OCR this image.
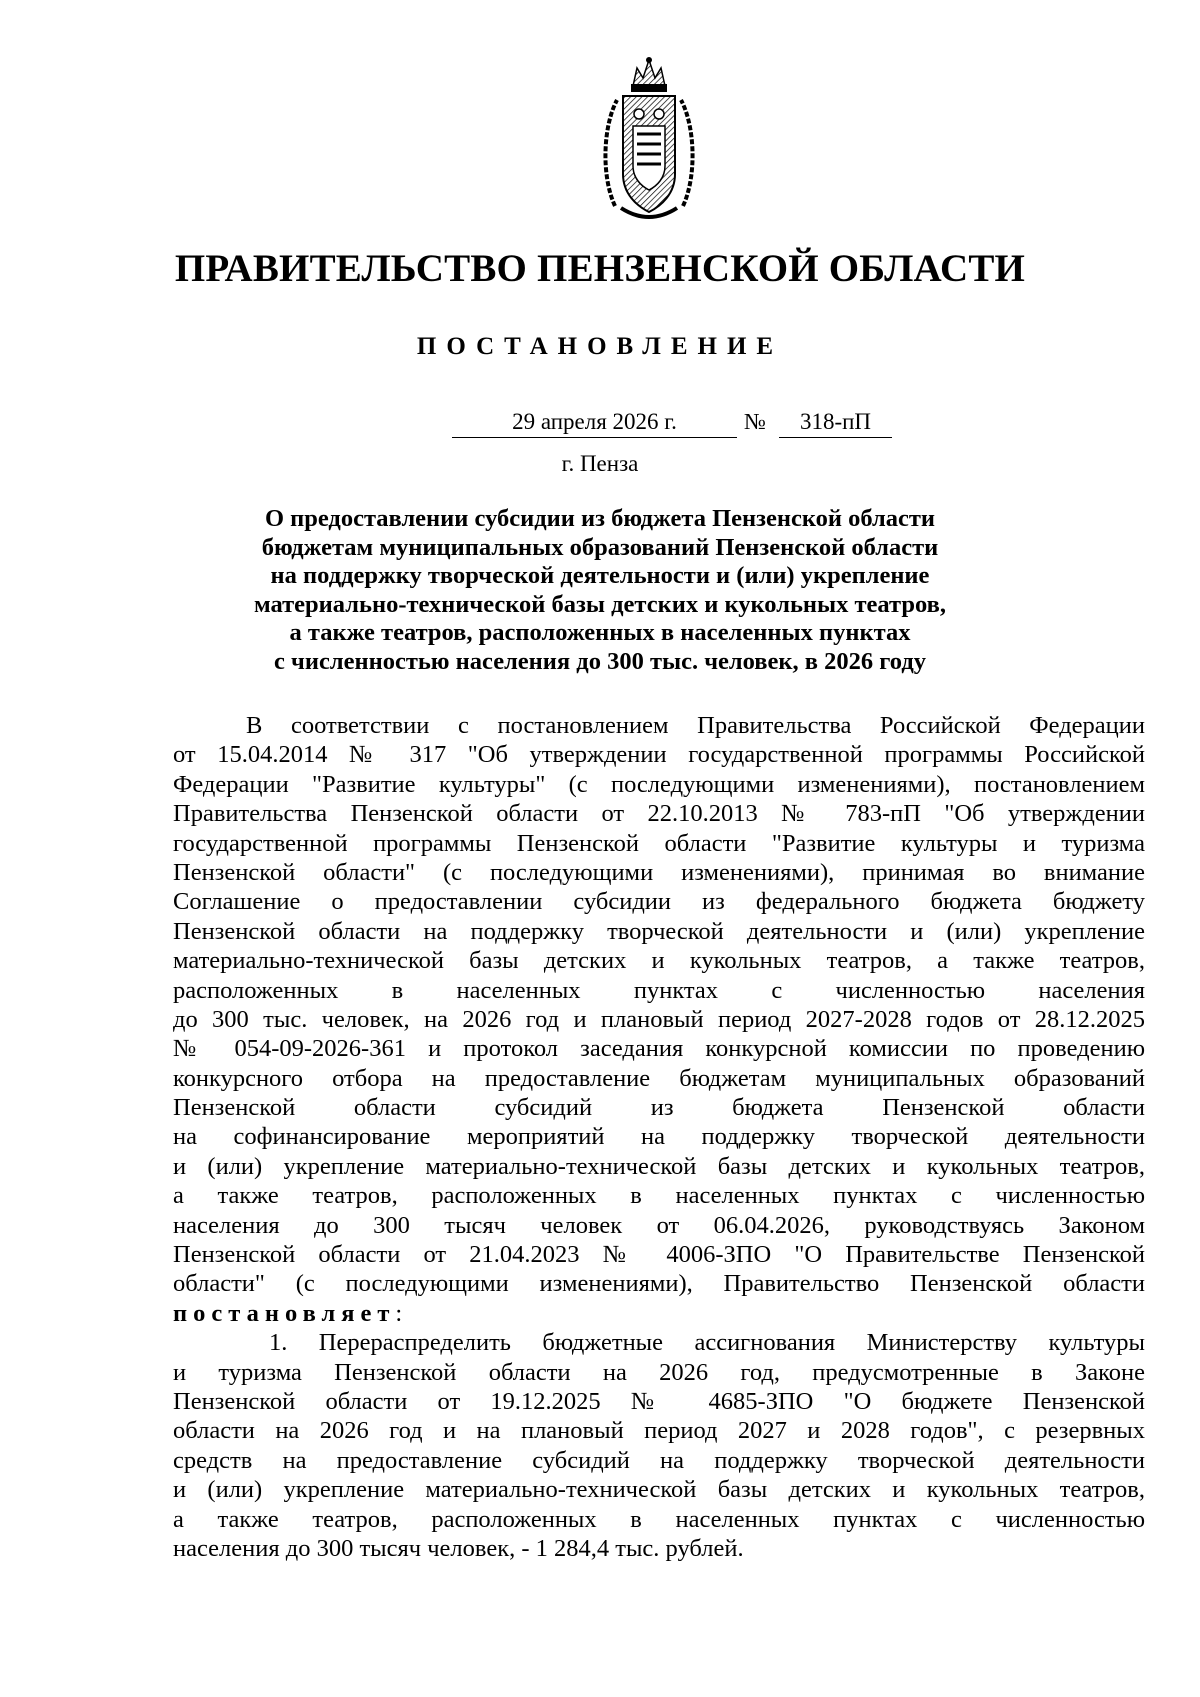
ПРАВИТЕЛЬСТВО ПЕНЗЕНСКОЙ ОБЛАСТИ
ПОСТАНОВЛЕНИЕ
29 апреля 2026 г.	№	318-пП
г. Пенза
О предоставлении субсидии из бюджета Пензенской области
бюджетам муниципальных образований Пензенской области
на поддержку творческой деятельности и (или) укрепление
материально-технической базы детских и кукольных театров,
а также театров, расположенных в населенных пунктах
с численностью населения до 300 тыс. человек, в 2026 году
В соответствии с постановлением Правительства Российской Федерации
от 15.04.2014 № 317 "Об утверждении государственной программы Российской
Федерации "Развитие культуры" (с последующими изменениями), постановлением
Правительства Пензенской области от 22.10.2013 № 783-пП "Об утверждении
государственной программы Пензенской области "Развитие культуры и туризма
Пензенской области" (с последующими изменениями), принимая во внимание
Соглашение о предоставлении субсидии из федерального бюджета бюджету
Пензенской области на поддержку творческой деятельности и (или) укрепление
материально-технической базы детских и кукольных театров, а также театров,
расположенных в населенных пунктах с численностью населения
до 300 тыс. человек, на 2026 год и плановый период 2027-2028 годов от 28.12.2025
№ 054-09-2026-361 и протокол заседания конкурсной комиссии по проведению
конкурсного отбора на предоставление бюджетам муниципальных образований
Пензенской области субсидий из бюджета Пензенской области
на софинансирование мероприятий на поддержку творческой деятельности
и (или) укрепление материально-технической базы детских и кукольных театров,
а также театров, расположенных в населенных пунктах с численностью
населения до 300 тысяч человек от 06.04.2026, руководствуясь Законом
Пензенской области от 21.04.2023 № 4006-ЗПО "О Правительстве Пензенской
области" (с последующими изменениями), Правительство Пензенской области
постановляет:
1. Перераспределить бюджетные ассигнования Министерству культуры
и туризма Пензенской области на 2026 год, предусмотренные в Законе
Пензенской области от 19.12.2025 № 4685-ЗПО "О бюджете Пензенской
области на 2026 год и на плановый период 2027 и 2028 годов", с резервных
средств на предоставление субсидий на поддержку творческой деятельности
и (или) укрепление материально-технической базы детских и кукольных театров,
а также театров, расположенных в населенных пунктах с численностью
населения до 300 тысяч человек, - 1 284,4 тыс. рублей.
